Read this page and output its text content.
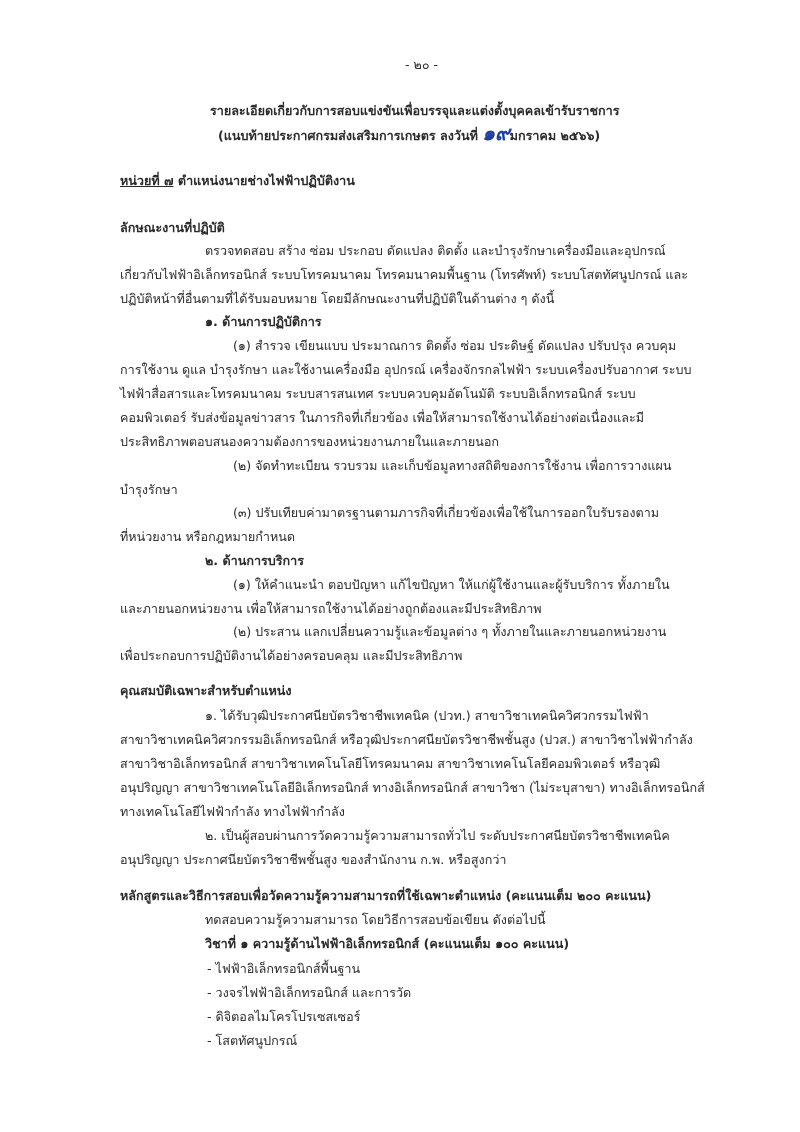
- ๒๐ -
รายละเอียดเกี่ยวกับการสอบแข่งขันเพื่อบรรจุและแต่งตั้งบุคคลเข้ารับราชการ
(แนบท้ายประกาศกรมส่งเสริมการเกษตร ลงวันที่ ๑๙มกราคม ๒๕๖๖)
หน่วยที่ ๗ ตำแหน่งนายช่างไฟฟ้าปฏิบัติงาน
ลักษณะงานที่ปฏิบัติ
ตรวจทดสอบ สร้าง ซ่อม ประกอบ ดัดแปลง ติดตั้ง และบำรุงรักษาเครื่องมือและอุปกรณ์
เกี่ยวกับไฟฟ้าอิเล็กทรอนิกส์ ระบบโทรคมนาคม โทรคมนาคมพื้นฐาน (โทรศัพท์) ระบบโสตทัศนูปกรณ์ และ
ปฏิบัติหน้าที่อื่นตามที่ได้รับมอบหมาย โดยมีลักษณะงานที่ปฏิบัติในด้านต่าง ๆ ดังนี้
๑. ด้านการปฏิบัติการ
(๑) สำรวจ เขียนแบบ ประมาณการ ติดตั้ง ซ่อม ประดิษฐ์ ดัดแปลง ปรับปรุง ควบคุม
การใช้งาน ดูแล บำรุงรักษา และใช้งานเครื่องมือ อุปกรณ์ เครื่องจักรกลไฟฟ้า ระบบเครื่องปรับอากาศ ระบบ
ไฟฟ้าสื่อสารและโทรคมนาคม ระบบสารสนเทศ ระบบควบคุมอัตโนมัติ ระบบอิเล็กทรอนิกส์ ระบบ
คอมพิวเตอร์ รับส่งข้อมูลข่าวสาร ในภารกิจที่เกี่ยวข้อง เพื่อให้สามารถใช้งานได้อย่างต่อเนื่องและมี
ประสิทธิภาพตอบสนองความต้องการของหน่วยงานภายในและภายนอก
(๒) จัดทำทะเบียน รวบรวม และเก็บข้อมูลทางสถิติของการใช้งาน เพื่อการวางแผน
บำรุงรักษา
(๓) ปรับเทียบค่ามาตรฐานตามภารกิจที่เกี่ยวข้องเพื่อใช้ในการออกใบรับรองตาม
ที่หน่วยงาน หรือกฎหมายกำหนด
๒. ด้านการบริการ
(๑) ให้คำแนะนำ ตอบปัญหา แก้ไขปัญหา ให้แก่ผู้ใช้งานและผู้รับบริการ ทั้งภายใน
และภายนอกหน่วยงาน เพื่อให้สามารถใช้งานได้อย่างถูกต้องและมีประสิทธิภาพ
(๒) ประสาน แลกเปลี่ยนความรู้และข้อมูลต่าง ๆ ทั้งภายในและภายนอกหน่วยงาน
เพื่อประกอบการปฏิบัติงานได้อย่างครอบคลุม และมีประสิทธิภาพ
คุณสมบัติเฉพาะสำหรับตำแหน่ง
๑. ได้รับวุฒิประกาศนียบัตรวิชาชีพเทคนิค (ปวท.) สาขาวิชาเทคนิควิศวกรรมไฟฟ้า
สาขาวิชาเทคนิควิศวกรรมอิเล็กทรอนิกส์ หรือวุฒิประกาศนียบัตรวิชาชีพชั้นสูง (ปวส.) สาขาวิชาไฟฟ้ากำลัง
สาขาวิชาอิเล็กทรอนิกส์ สาขาวิชาเทคโนโลยีโทรคมนาคม สาขาวิชาเทคโนโลยีคอมพิวเตอร์ หรือวุฒิ
อนุปริญญา สาขาวิชาเทคโนโลยีอิเล็กทรอนิกส์ ทางอิเล็กทรอนิกส์ สาขาวิชา (ไม่ระบุสาขา) ทางอิเล็กทรอนิกส์
ทางเทคโนโลยีไฟฟ้ากำลัง ทางไฟฟ้ากำลัง
๒. เป็นผู้สอบผ่านการวัดความรู้ความสามารถทั่วไป ระดับประกาศนียบัตรวิชาชีพเทคนิค
อนุปริญญา ประกาศนียบัตรวิชาชีพชั้นสูง ของสำนักงาน ก.พ. หรือสูงกว่า
หลักสูตรและวิธีการสอบเพื่อวัดความรู้ความสามารถที่ใช้เฉพาะตำแหน่ง (คะแนนเต็ม ๒๐๐ คะแนน)
ทดสอบความรู้ความสามารถ โดยวิธีการสอบข้อเขียน ดังต่อไปนี้
วิชาที่ ๑ ความรู้ด้านไฟฟ้าอิเล็กทรอนิกส์ (คะแนนเต็ม ๑๐๐ คะแนน)
- ไฟฟ้าอิเล็กทรอนิกส์พื้นฐาน
- วงจรไฟฟ้าอิเล็กทรอนิกส์ และการวัด
- ดิจิตอลไมโครโปรเซสเซอร์
- โสตทัศนูปกรณ์
